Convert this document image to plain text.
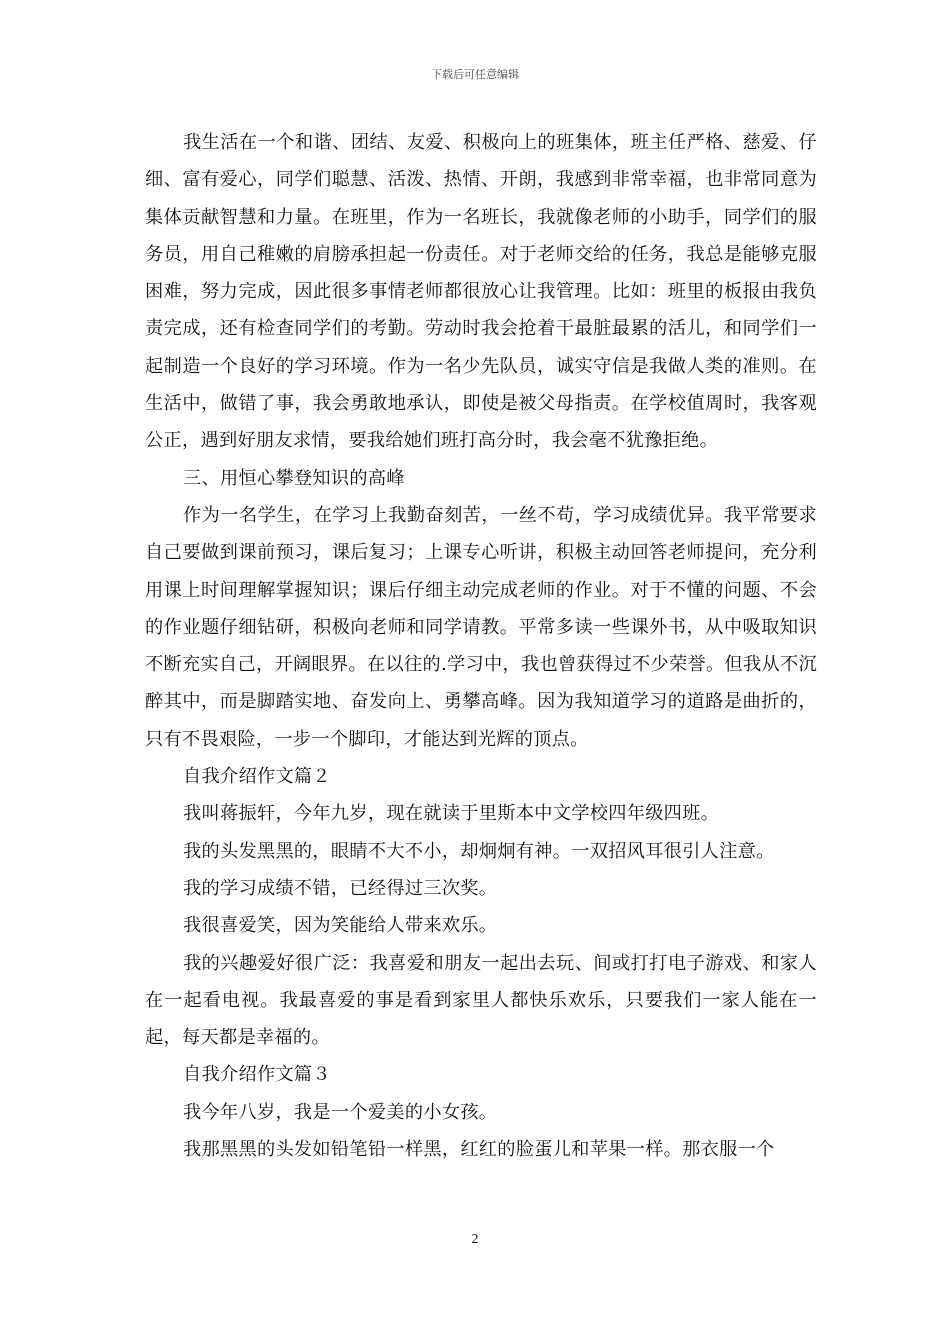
下载后可任意编辑

我生活在一个和谐、团结、友爱、积极向上的班集体，班主任严格、慈爱、仔细、富有爱心，同学们聪慧、活泼、热情、开朗，我感到非常幸福，也非常同意为集体贡献智慧和力量。在班里，作为一名班长，我就像老师的小助手，同学们的服务员，用自己稚嫩的肩膀承担起一份责任。对于老师交给的任务，我总是能够克服困难，努力完成，因此很多事情老师都很放心让我管理。比如：班里的板报由我负责完成，还有检查同学们的考勤。劳动时我会抢着干最脏最累的活儿，和同学们一起制造一个良好的学习环境。作为一名少先队员，诚实守信是我做人类的准则。在生活中，做错了事，我会勇敢地承认，即使是被父母指责。在学校值周时，我客观公正，遇到好朋友求情，要我给她们班打高分时，我会毫不犹豫拒绝。

三、用恒心攀登知识的高峰

作为一名学生，在学习上我勤奋刻苦，一丝不苟，学习成绩优异。我平常要求自己要做到课前预习，课后复习；上课专心听讲，积极主动回答老师提问，充分利用课上时间理解掌握知识；课后仔细主动完成老师的作业。对于不懂的问题、不会的作业题仔细钻研，积极向老师和同学请教。平常多读一些课外书，从中吸取知识不断充实自己，开阔眼界。在以往的.学习中，我也曾获得过不少荣誉。但我从不沉醉其中，而是脚踏实地、奋发向上、勇攀高峰。因为我知道学习的道路是曲折的，只有不畏艰险，一步一个脚印，才能达到光辉的顶点。

自我介绍作文篇２

我叫蒋振轩，今年九岁，现在就读于里斯本中文学校四年级四班。

我的头发黑黑的，眼睛不大不小，却炯炯有神。一双招风耳很引人注意。

我的学习成绩不错，已经得过三次奖。

我很喜爱笑，因为笑能给人带来欢乐。

我的兴趣爱好很广泛：我喜爱和朋友一起出去玩、间或打打电子游戏、和家人在一起看电视。我最喜爱的事是看到家里人都快乐欢乐，只要我们一家人能在一起，每天都是幸福的。

自我介绍作文篇３

我今年八岁，我是一个爱美的小女孩。

我那黑黑的头发如铅笔铅一样黑，红红的脸蛋儿和苹果一样。那衣服一个

2
